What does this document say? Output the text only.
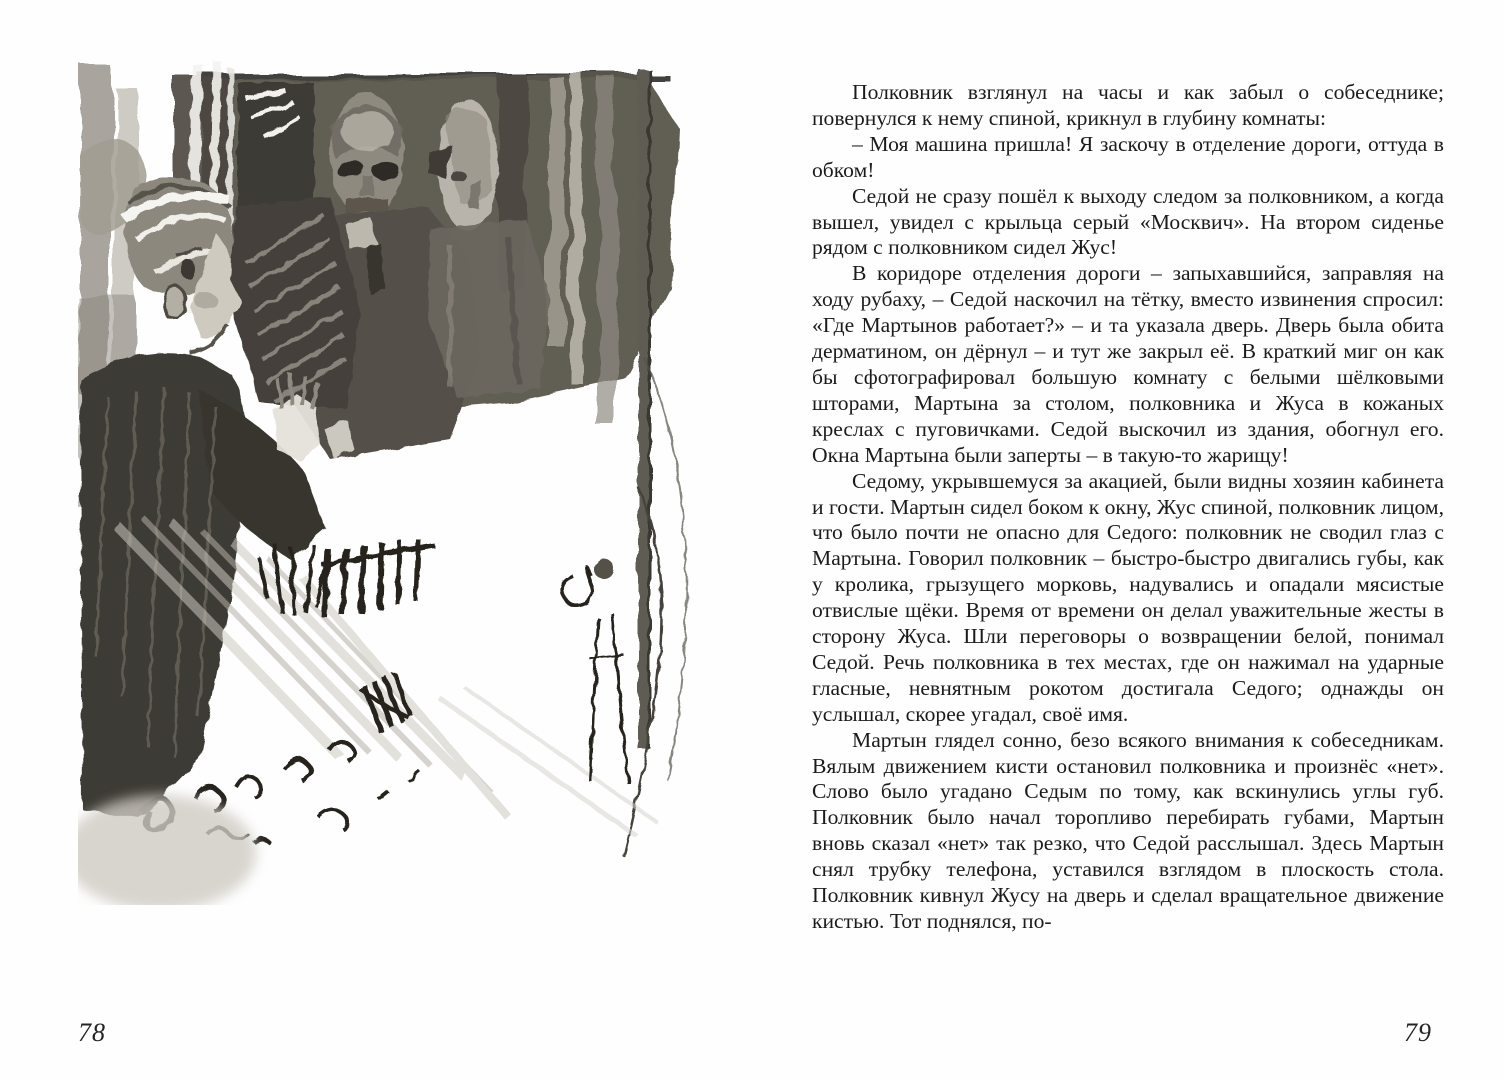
78

Полковник взглянул на часы и как забыл о собеседнике; повернулся к нему спиной, крикнул в глубину комнаты:

– Моя машина пришла! Я заскочу в отделение дороги, оттуда в обком!

Седой не сразу пошёл к выходу следом за полковником, а когда вышел, увидел с крыльца серый «Москвич». На втором сиденье рядом с полковником сидел Жус!

В коридоре отделения дороги – запыхавшийся, заправляя на ходу рубаху, – Седой наскочил на тётку, вместо извинения спросил: «Где Мартынов работает?» – и та указала дверь. Дверь была обита дерматином, он дёрнул – и тут же закрыл её. В краткий миг он как бы сфотографировал большую комнату с белыми шёлковыми шторами, Мартына за столом, полковника и Жуса в кожаных креслах с пуговичками. Седой выскочил из здания, обогнул его. Окна Мартына были заперты – в такую-то жарищу!

Седому, укрывшемуся за акацией, были видны хозяин кабинета и гости. Мартын сидел боком к окну, Жус спиной, полковник лицом, что было почти не опасно для Седого: полковник не сводил глаз с Мартына. Говорил полковник – быстро-быстро двигались губы, как у кролика, грызущего морковь, надувались и опадали мясистые отвислые щёки. Время от времени он делал уважительные жесты в сторону Жуса. Шли переговоры о возвращении белой, понимал Седой. Речь полковника в тех местах, где он нажимал на ударные гласные, невнятным рокотом достигала Седого; однажды он услышал, скорее угадал, своё имя.

Мартын глядел сонно, безо всякого внимания к собеседникам. Вялым движением кисти остановил полковника и произнёс «нет». Слово было угадано Седым по тому, как вскинулись углы губ. Полковник было начал торопливо перебирать губами, Мартын вновь сказал «нет» так резко, что Седой расслышал. Здесь Мартын снял трубку телефона, уставился взглядом в плоскость стола. Полковник кивнул Жусу на дверь и сделал вращательное движение кистью. Тот поднялся, по-

79
